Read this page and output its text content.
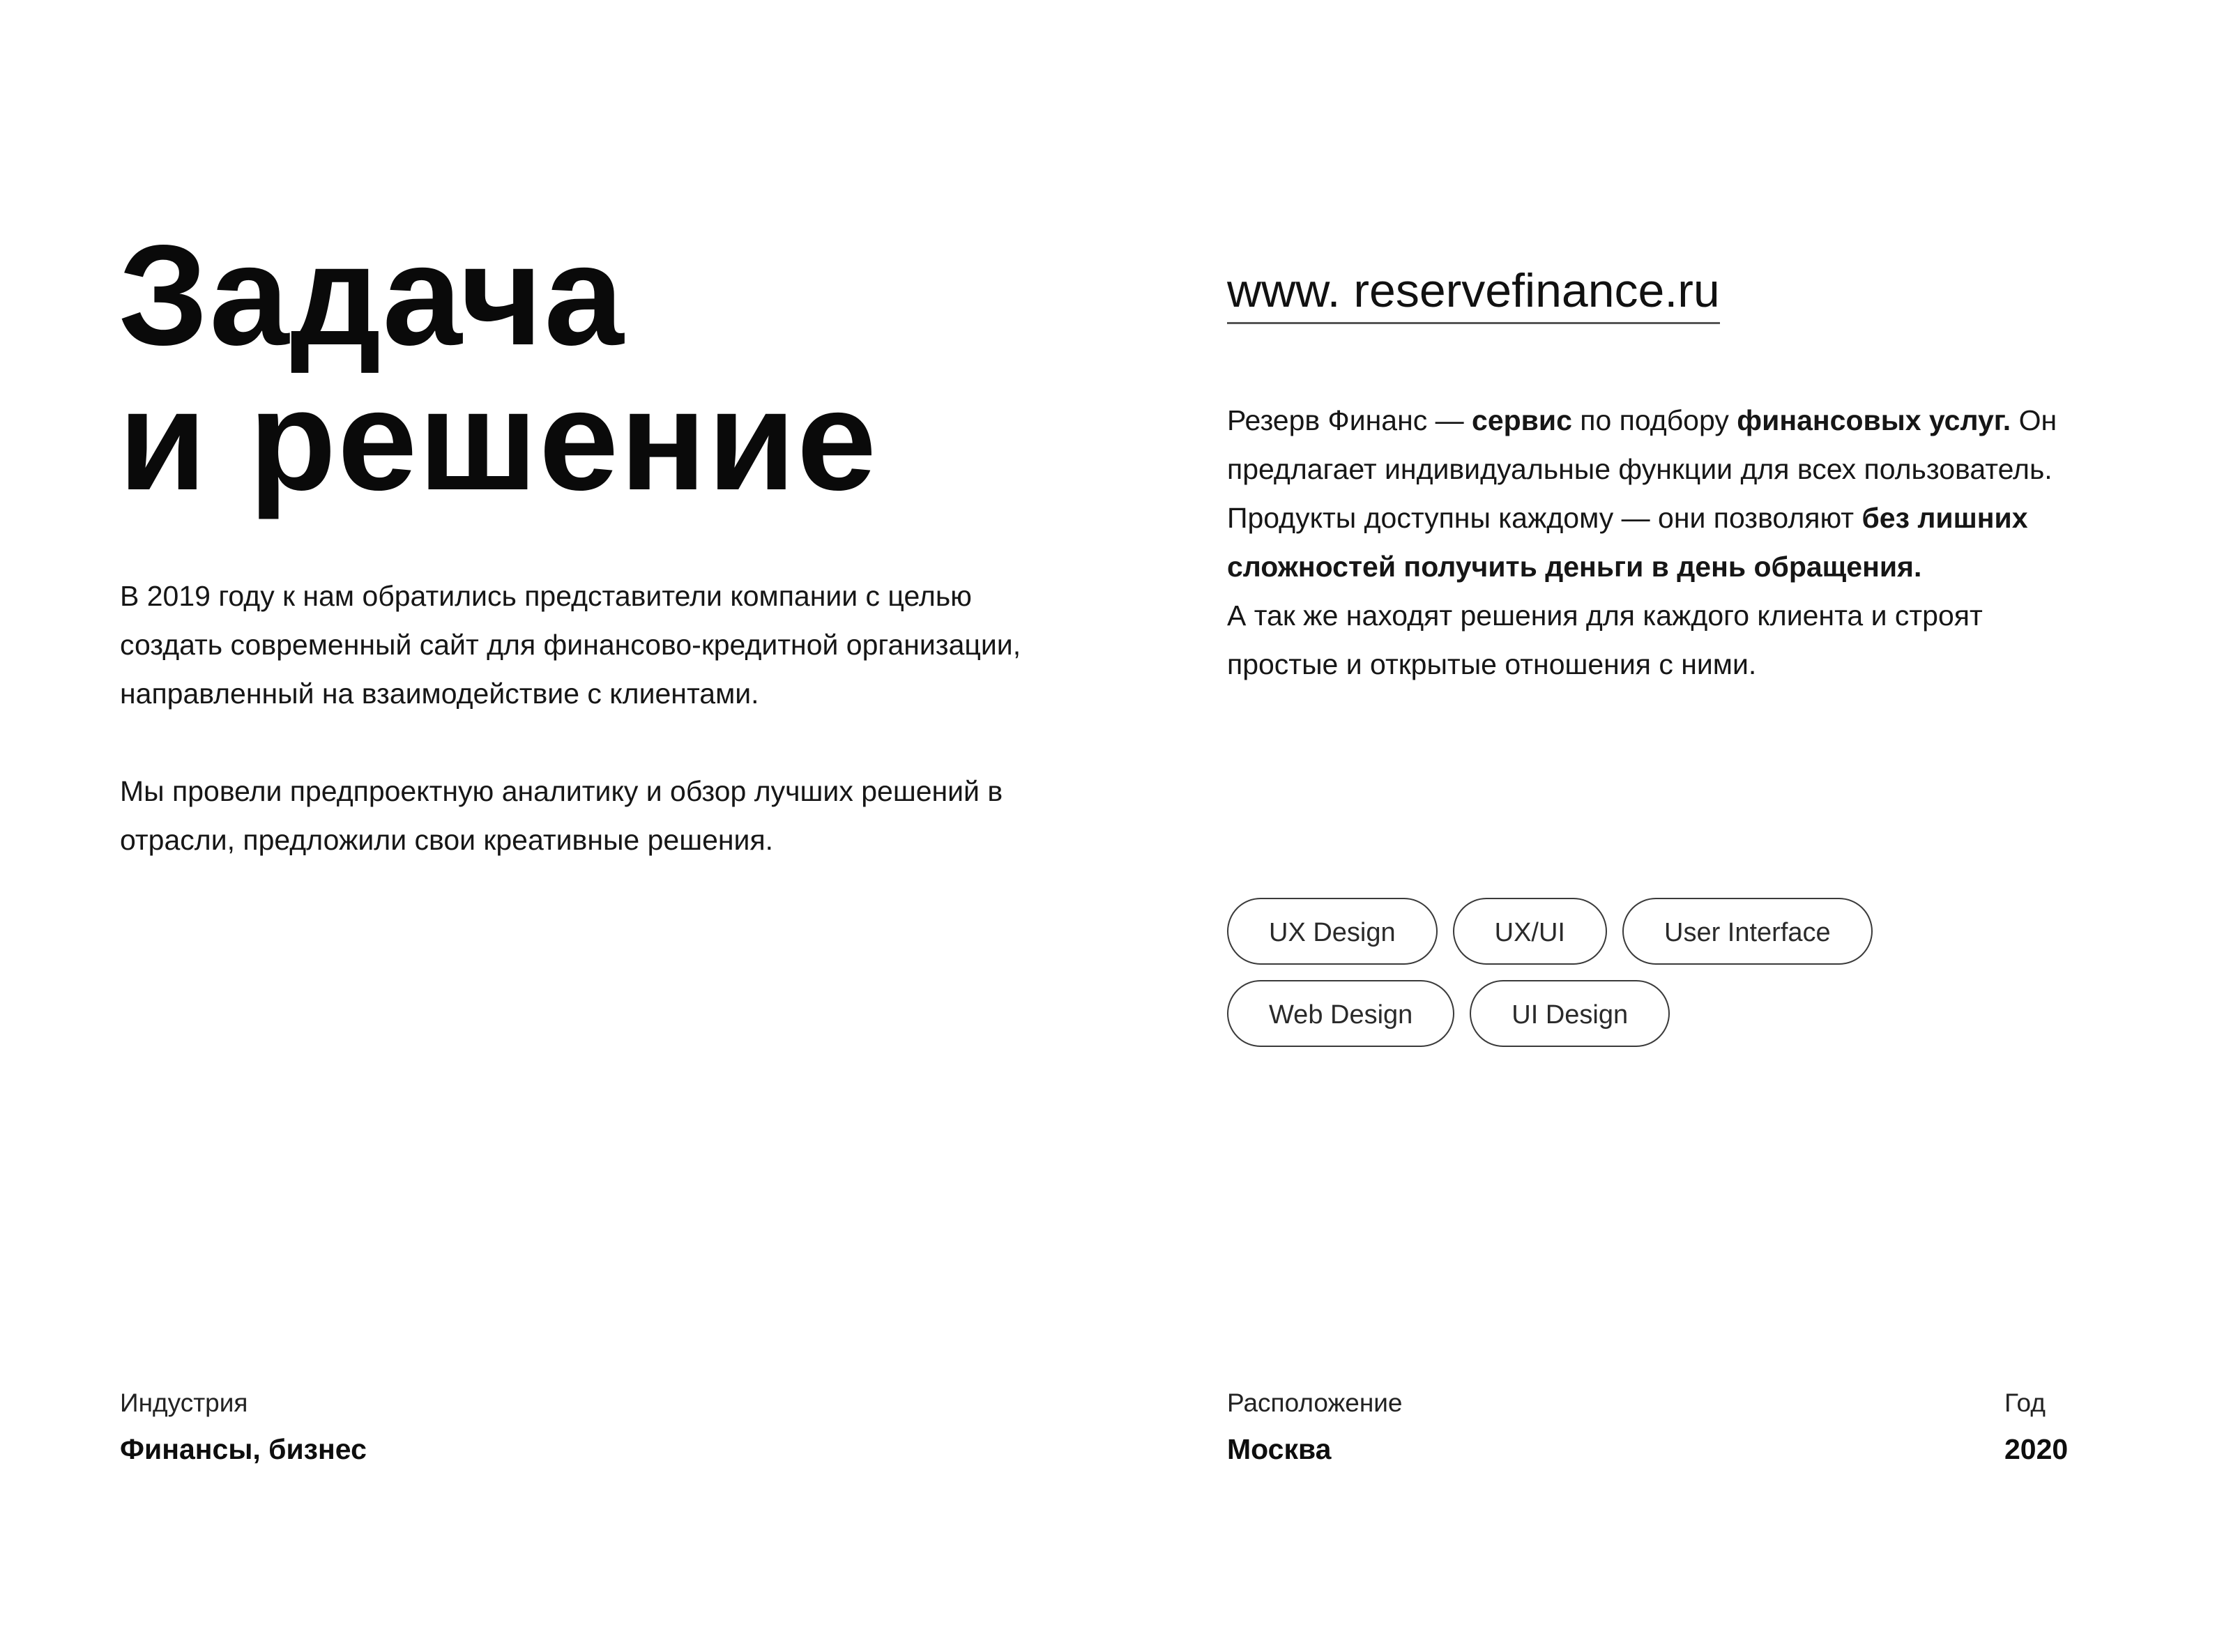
Задача
и решение

В 2019 году к нам обратились представители компании с целью создать современный сайт для финансово-кредитной организации, направленный на взаимодействие с клиентами.

Мы провели предпроектную аналитику и обзор лучших решений в отрасли, предложили свои креативные решения.

www. reservefinance.ru

Резерв Финанс — сервис по подбору финансовых услуг. Он предлагает индивидуальные функции для всех пользователь. Продукты доступны каждому — они позволяют без лишних сложностей получить деньги в день обращения.

А так же находят решения для каждого клиента и строят простые и открытые отношения с ними.

UX Design	UX/UI	User Interface
Web Design	UI Design
Индустрия
Финансы, бизнес
Расположение
Москва
Год
2020
